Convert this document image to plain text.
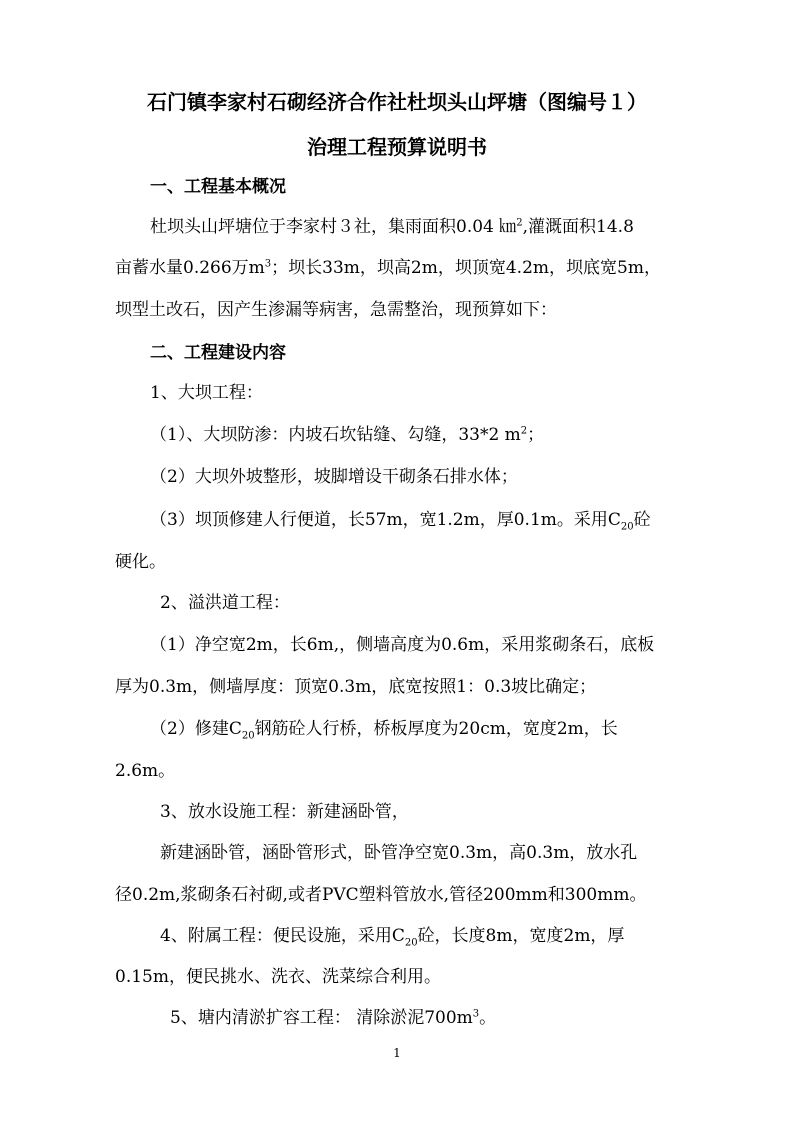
石门镇李家村石砌经济合作社杜坝头山坪塘（图编号１）
治理工程预算说明书
一、工程基本概况
杜坝头山坪塘位于李家村３社，集雨面积0.04 ㎞$^2$,灌溉面积14.8
亩蓄水量0.266万$m^3$；坝长33m，坝高2m，坝顶宽4.2m，坝底宽5m，
坝型土改石，因产生渗漏等病害，急需整治，现预算如下：
二、工程建设内容
1、大坝工程：
（1）、大坝防渗：内坡石坎钻缝、勾缝，33*2 $m^2$；
（2）大坝外坡整形，坡脚增设干砌条石排水体；
（3）坝顶修建人行便道，长57m，宽1.2m，厚0.1m。采用$C_{20}$砼
硬化。
2、溢洪道工程：
（1）净空宽2m，长6m,，侧墙高度为0.6m，采用浆砌条石，底板
厚为0.3m，侧墙厚度：顶宽0.3m，底宽按照1：0.3坡比确定；
（2）修建$C_{20}$钢筋砼人行桥，桥板厚度为20cm，宽度2m，长
2.6m。
3、放水设施工程：新建涵卧管，
新建涵卧管，涵卧管形式，卧管净空宽0.3m，高0.3m，放水孔
径0.2m,浆砌条石衬砌,或者PVC塑料管放水,管径200mm和300mm。
4、附属工程：便民设施，采用$C_{20}$砼，长度8m，宽度2m，厚
0.15m，便民挑水、洗衣、洗菜综合利用。
5、塘内清淤扩容工程： 清除淤泥$700m^3$。
1
